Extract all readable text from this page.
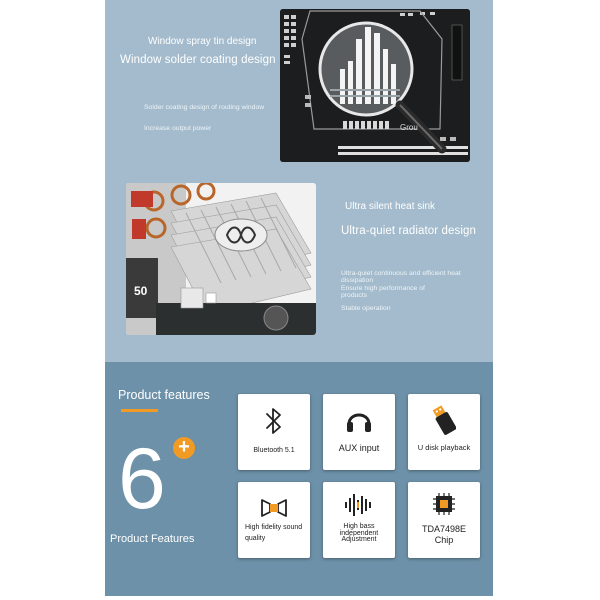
Window spray tin design
Window solder coating design
Solder coating design of routing window
Increase output power	Grou
50
Ultra silent heat sink
Ultra-quiet radiator design
Ultra-quiet continuous and efficient heat
dissipation
Ensure high performance of
products
Stable operation
Product features
6 +
Product Features
Bluetooth 5.1	AUX input	U disk playback
High fidelity sound
quality
High bass independent
Adjustment
TDA7498E
Chip
